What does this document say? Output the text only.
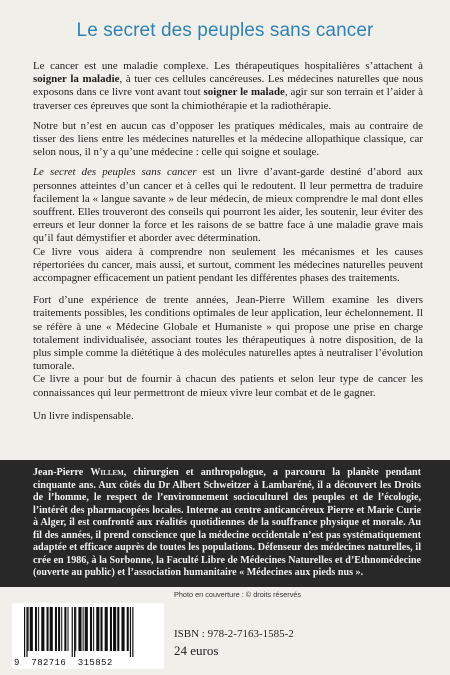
Le secret des peuples sans cancer

Le cancer est une maladie complexe. Les thérapeutiques hospitalières s’attachent à soigner la maladie, à tuer ces cellules cancéreuses. Les médecines naturelles que nous exposons dans ce livre vont avant tout soigner le malade, agir sur son terrain et l’aider à traverser ces épreuves que sont la chimiothérapie et la radiothérapie.

Notre but n’est en aucun cas d’opposer les pratiques médicales, mais au contraire de tisser des liens entre les médecines naturelles et la médecine allopathique classique, car selon nous, il n’y a qu’une médecine : celle qui soigne et soulage.

Le secret des peuples sans cancer est un livre d’avant-garde destiné d’abord aux personnes atteintes d’un cancer et à celles qui le redoutent. Il leur permettra de traduire facilement la « langue savante » de leur médecin, de mieux comprendre le mal dont elles souffrent. Elles trouveront des conseils qui pourront les aider, les soutenir, leur éviter des erreurs et leur donner la force et les raisons de se battre face à une maladie grave mais qu’il faut démystifier et aborder avec détermination.

Ce livre vous aidera à comprendre non seulement les mécanismes et les causes répertoriées du cancer, mais aussi, et surtout, comment les médecines naturelles peuvent accompagner efficacement un patient pendant les différentes phases des traitements.

Fort d’une expérience de trente années, Jean-Pierre Willem examine les divers traitements possibles, les conditions optimales de leur application, leur échelonnement. Il se réfère à une « Médecine Globale et Humaniste » qui propose une prise en charge totalement individualisée, associant toutes les thérapeutiques à notre disposition, de la plus simple comme la diététique à des molécules naturelles aptes à neutraliser l’évolution tumorale.

Ce livre a pour but de fournir à chacun des patients et selon leur type de cancer les connaissances qui leur permettront de mieux vivre leur combat et de le gagner.

Un livre indispensable.

Jean-Pierre Willem, chirurgien et anthropologue, a parcouru la planète pendant cinquante ans. Aux côtés du Dr Albert Schweitzer à Lambaréné, il a découvert les Droits de l’homme, le respect de l’environnement socioculturel des peuples et de l’écologie, l’intérêt des pharmacopées locales. Interne au centre anticancéreux Pierre et Marie Curie à Alger, il est confronté aux réalités quotidiennes de la souffrance physique et morale. Au fil des années, il prend conscience que la médecine occidentale n’est pas systématiquement adaptée et efficace auprès de toutes les populations. Défenseur des médecines naturelles, il crée en 1986, à la Sorbonne, la Faculté Libre de Médecines Naturelles et d’Ethnomédecine (ouverte au public) et l’association humanitaire « Médecines aux pieds nus ».

Photo en couverture : © droits réservés
9  782716  315852
ISBN : 978-2-7163-1585-2
24 euros
